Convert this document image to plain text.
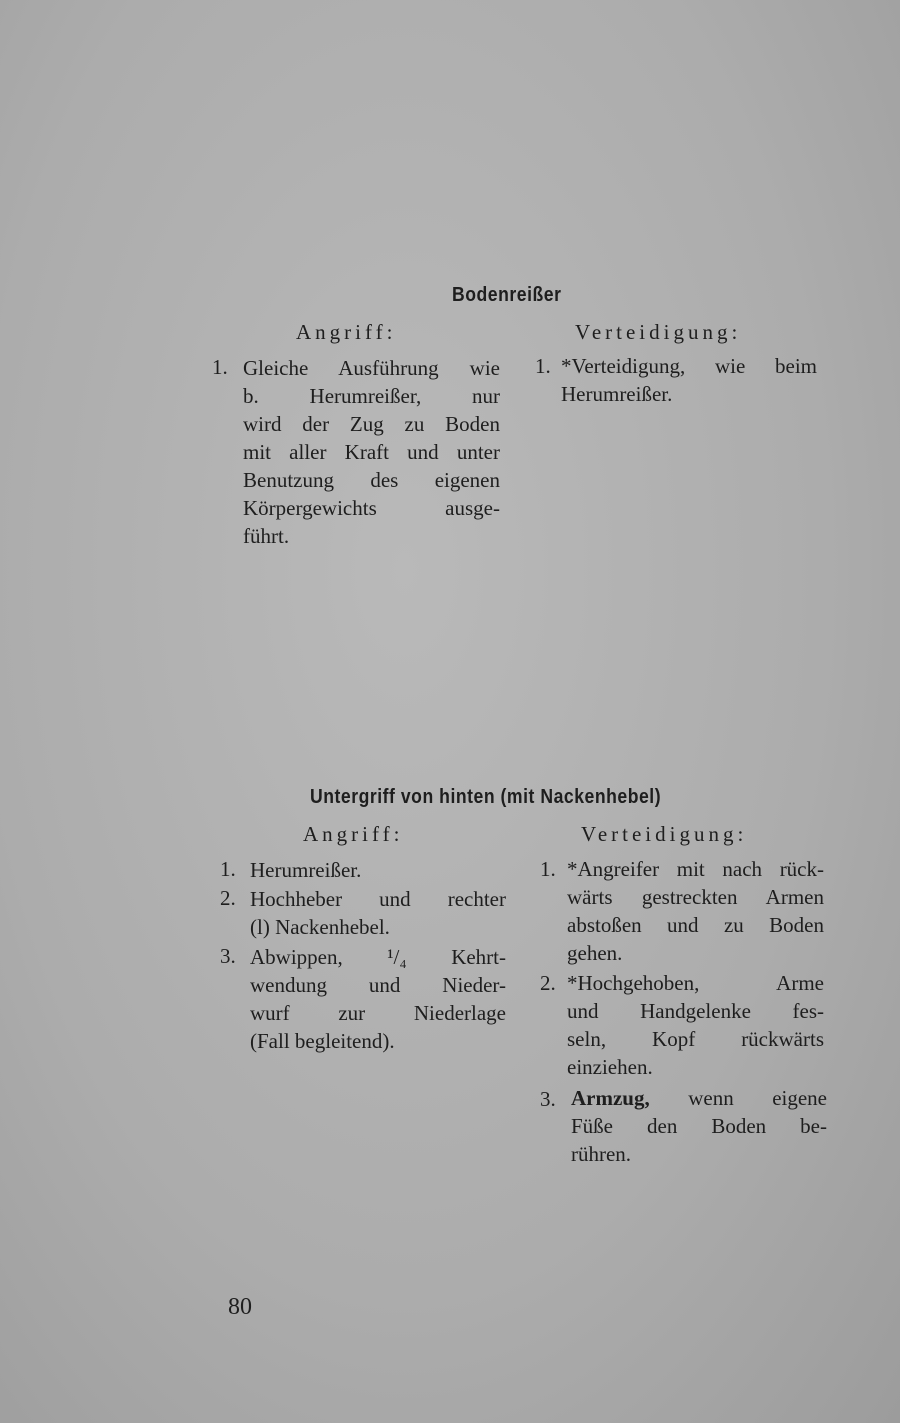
Bodenreißer
Angriff:	Verteidigung:
1. Gleiche Ausführung wie
b. Herumreißer, nur
wird der Zug zu Boden
mit aller Kraft und unter
Benutzung des eigenen
Körpergewichts ausge-
führt.
1. *Verteidigung, wie beim
Herumreißer.
Untergriff von hinten (mit Nackenhebel)
Angriff:	Verteidigung:
1. Herumreißer.
2. Hochheber und rechter
(l) Nackenhebel.
3. Abwippen, ¹/₄ Kehrt-
wendung und Nieder-
wurf zur Niederlage
(Fall begleitend).
1. *Angreifer mit nach rück-
wärts gestreckten Armen
abstoßen und zu Boden
gehen.
2. *Hochgehoben, Arme
und Handgelenke fes-
seln, Kopf rückwärts
einziehen.
3. Armzug, wenn eigene
Füße den Boden be-
rühren.
80
